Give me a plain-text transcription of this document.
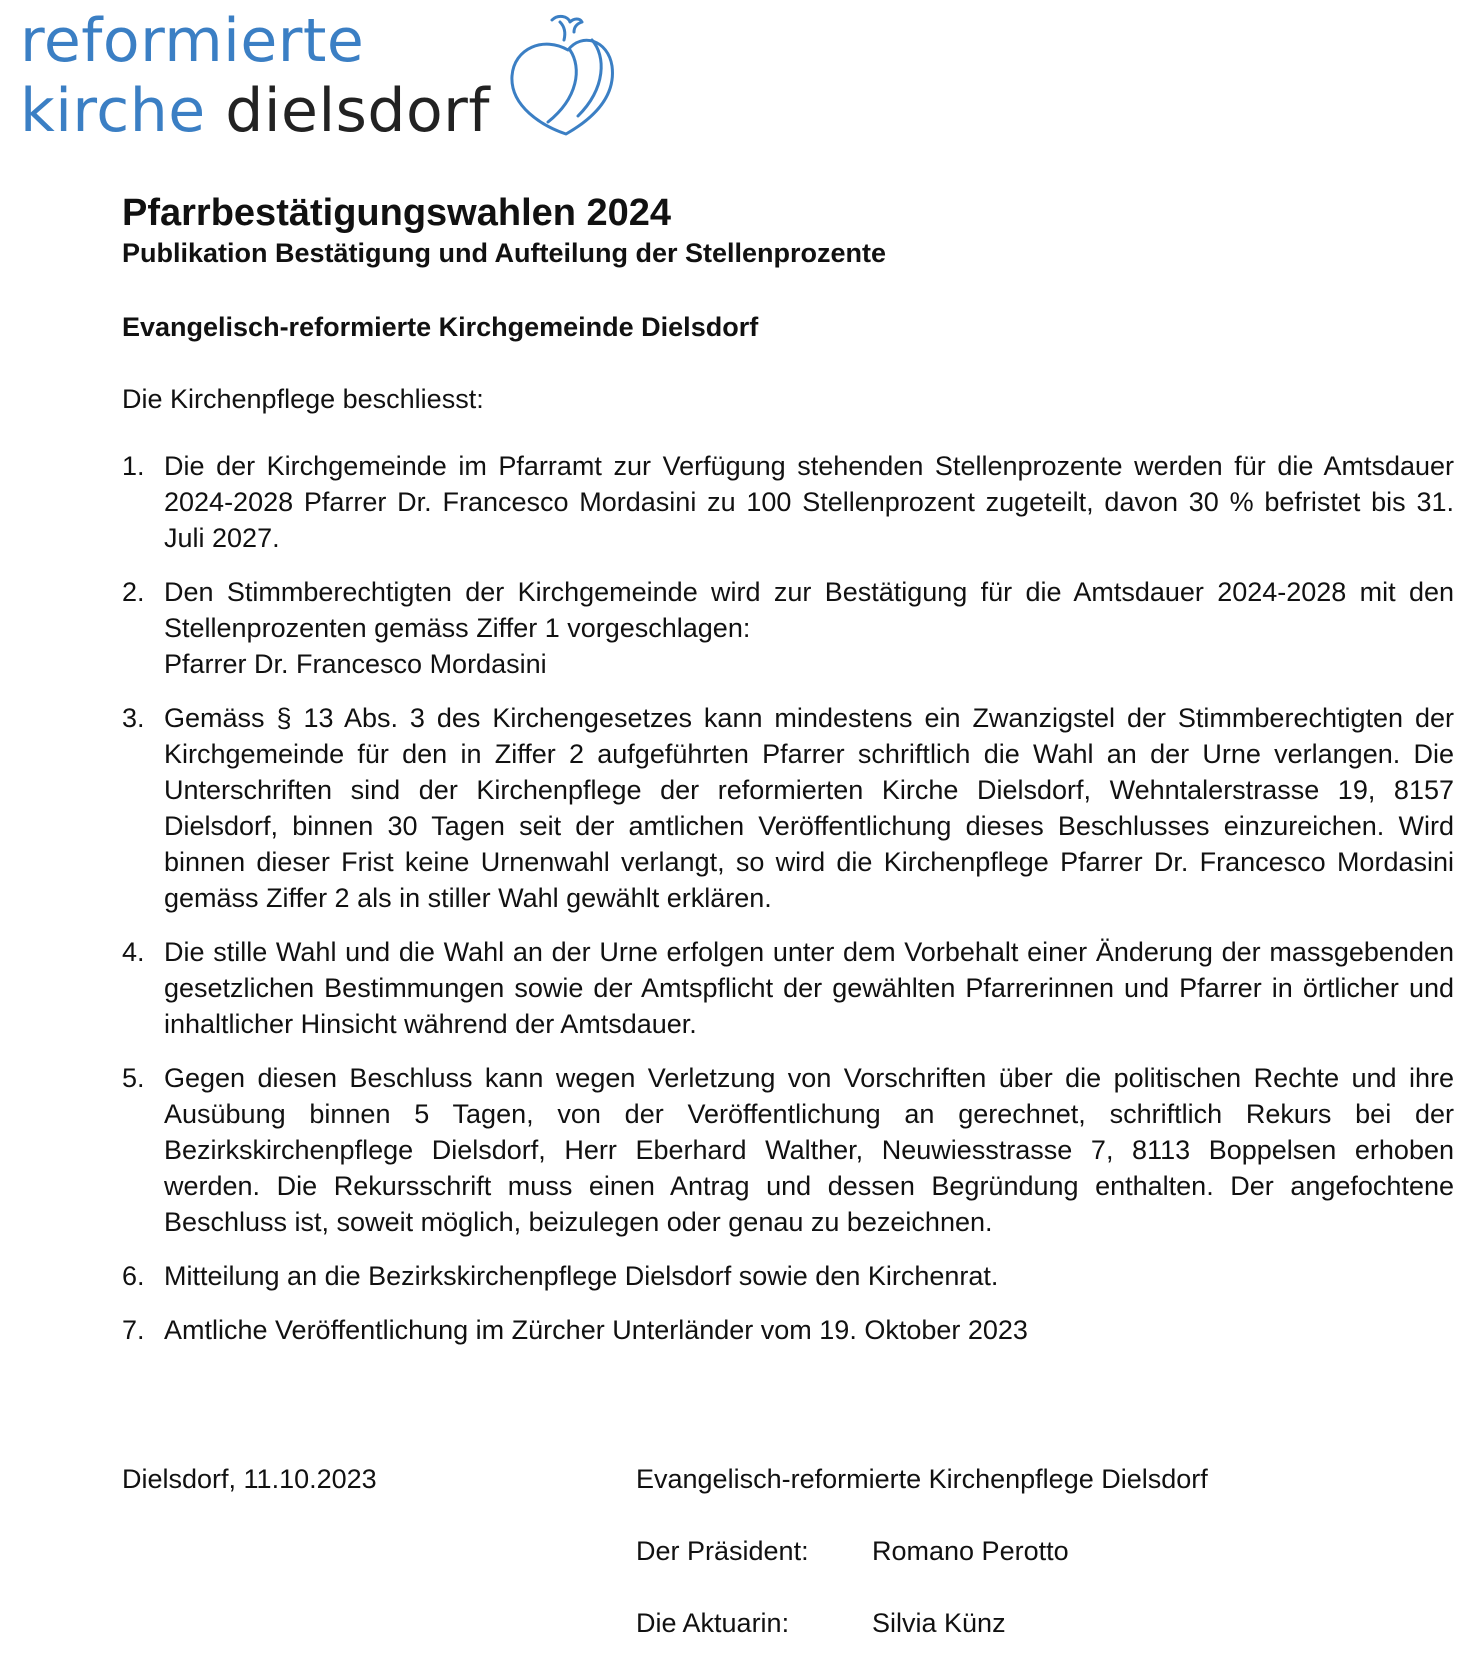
reformierte
kirche dielsdorf
Pfarrbestätigungswahlen 2024
Publikation Bestätigung und Aufteilung der Stellenprozente

Evangelisch-reformierte Kirchgemeinde Dielsdorf

Die Kirchenpflege beschliesst:

1. Die der Kirchgemeinde im Pfarramt zur Verfügung stehenden Stellenprozente werden für die Amtsdauer 2024-2028 Pfarrer Dr. Francesco Mordasini zu 100 Stellenprozent zugeteilt, davon 30 % befristet bis 31. Juli 2027.
2. Den Stimmberechtigten der Kirchgemeinde wird zur Bestätigung für die Amtsdauer 2024-2028 mit den Stellenprozenten gemäss Ziffer 1 vorgeschlagen:
Pfarrer Dr. Francesco Mordasini
3. Gemäss § 13 Abs. 3 des Kirchengesetzes kann mindestens ein Zwanzigstel der Stimmberechtigten der Kirchgemeinde für den in Ziffer 2 aufgeführten Pfarrer schriftlich die Wahl an der Urne verlangen. Die Unterschriften sind der Kirchenpflege der reformierten Kirche Dielsdorf, Wehntalerstrasse 19, 8157 Dielsdorf, binnen 30 Tagen seit der amtlichen Veröffentlichung dieses Beschlusses einzureichen. Wird binnen dieser Frist keine Urnenwahl verlangt, so wird die Kirchenpflege Pfarrer Dr. Francesco Mordasini gemäss Ziffer 2 als in stiller Wahl gewählt erklären.
4. Die stille Wahl und die Wahl an der Urne erfolgen unter dem Vorbehalt einer Änderung der massgebenden gesetzlichen Bestimmungen sowie der Amtspflicht der gewählten Pfarrerinnen und Pfarrer in örtlicher und inhaltlicher Hinsicht während der Amtsdauer.
5. Gegen diesen Beschluss kann wegen Verletzung von Vorschriften über die politischen Rechte und ihre Ausübung binnen 5 Tagen, von der Veröffentlichung an gerechnet, schriftlich Rekurs bei der Bezirkskirchenpflege Dielsdorf, Herr Eberhard Walther, Neuwiesstrasse 7, 8113 Boppelsen erhoben werden. Die Rekursschrift muss einen Antrag und dessen Begründung enthalten. Der angefochtene Beschluss ist, soweit möglich, beizulegen oder genau zu bezeichnen.
6. Mitteilung an die Bezirkskirchenpflege Dielsdorf sowie den Kirchenrat.
7. Amtliche Veröffentlichung im Zürcher Unterländer vom 19. Oktober 2023
Dielsdorf, 11.10.2023	Evangelisch-reformierte Kirchenpflege Dielsdorf
Der Präsident: Romano Perotto
Die Aktuarin:	Silvia Künz
